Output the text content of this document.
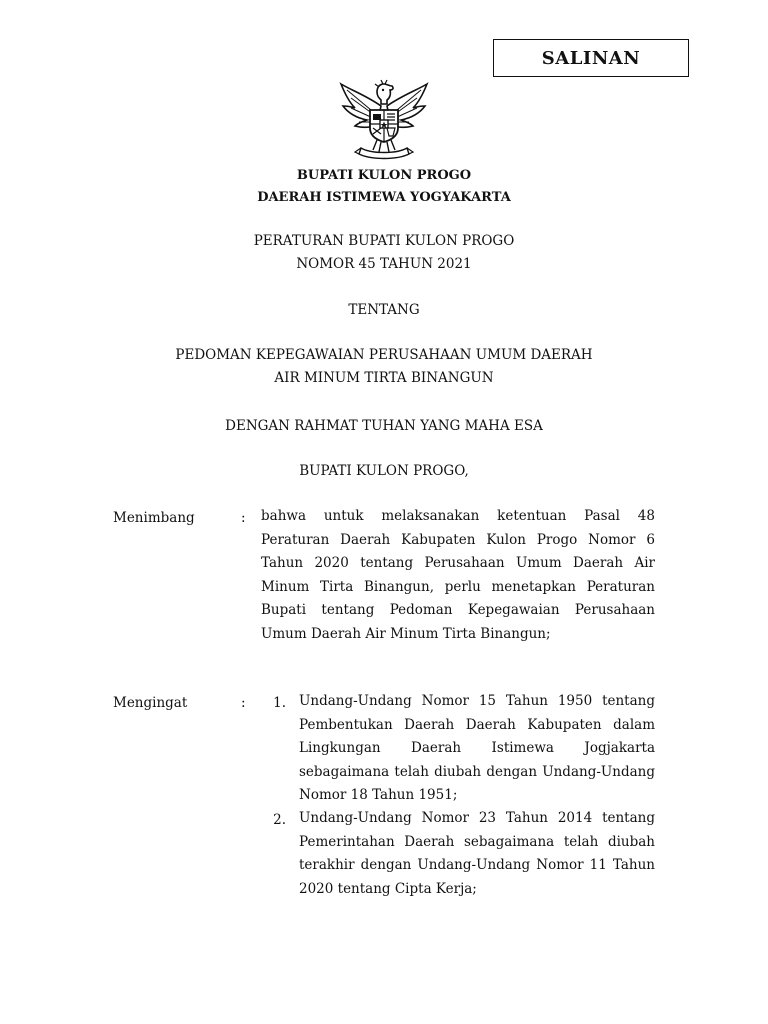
SALINAN
BUPATI KULON PROGO
DAERAH ISTIMEWA YOGYAKARTA
PERATURAN BUPATI KULON PROGO
NOMOR 45 TAHUN 2021
TENTANG
PEDOMAN KEPEGAWAIAN PERUSAHAAN UMUM DAERAH
AIR MINUM TIRTA BINANGUN
DENGAN RAHMAT TUHAN YANG MAHA ESA
BUPATI KULON PROGO,
Menimbang	: bahwa untuk melaksanakan ketentuan Pasal 48 Peraturan Daerah Kabupaten Kulon Progo Nomor 6 Tahun 2020 tentang Perusahaan Umum Daerah Air Minum Tirta Binangun, perlu menetapkan Peraturan Bupati tentang Pedoman Kepegawaian Perusahaan Umum Daerah Air Minum Tirta Binangun;

Mengingat	:	1. Undang-Undang Nomor 15 Tahun 1950 tentang Pembentukan Daerah Daerah Kabupaten dalam Lingkungan Daerah Istimewa Jogjakarta sebagaimana telah diubah dengan Undang-Undang Nomor 18 Tahun 1951;

2. Undang-Undang Nomor 23 Tahun 2014 tentang Pemerintahan Daerah sebagaimana telah diubah terakhir dengan Undang-Undang Nomor 11 Tahun 2020 tentang Cipta Kerja;
